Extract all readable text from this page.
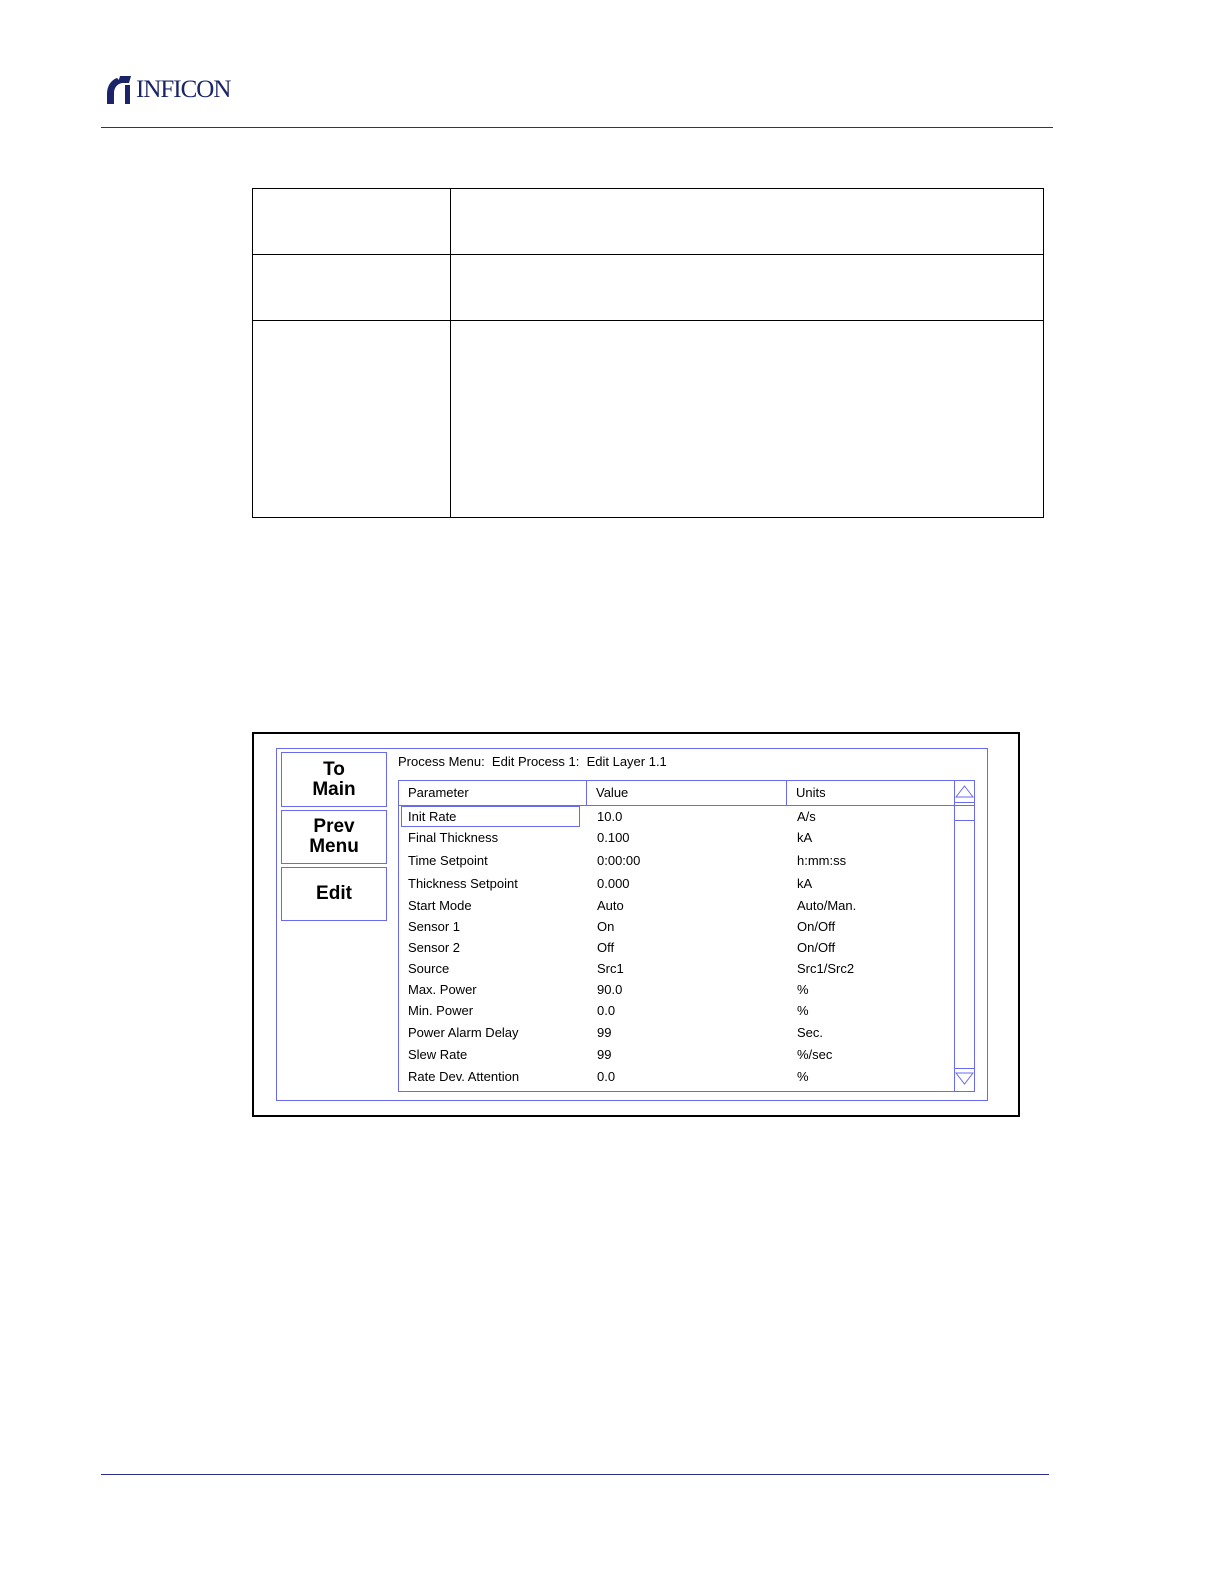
INFICON

To
Main
Prev
Menu
Edit
Process Menu:  Edit Process 1:  Edit Layer 1.1
Parameter	Value	Units
Init Rate	10.0	A/s
Final Thickness	0.100	kA
Time Setpoint	0:00:00	h:mm:ss
Thickness Setpoint	0.000	kA
Start Mode	Auto	Auto/Man.
Sensor 1	On	On/Off
Sensor 2	Off	On/Off
Source	Src1	Src1/Src2
Max. Power	90.0	%
Min. Power	0.0	%
Power Alarm Delay	99	Sec.
Slew Rate	99	%/sec
Rate Dev. Attention	0.0	%
